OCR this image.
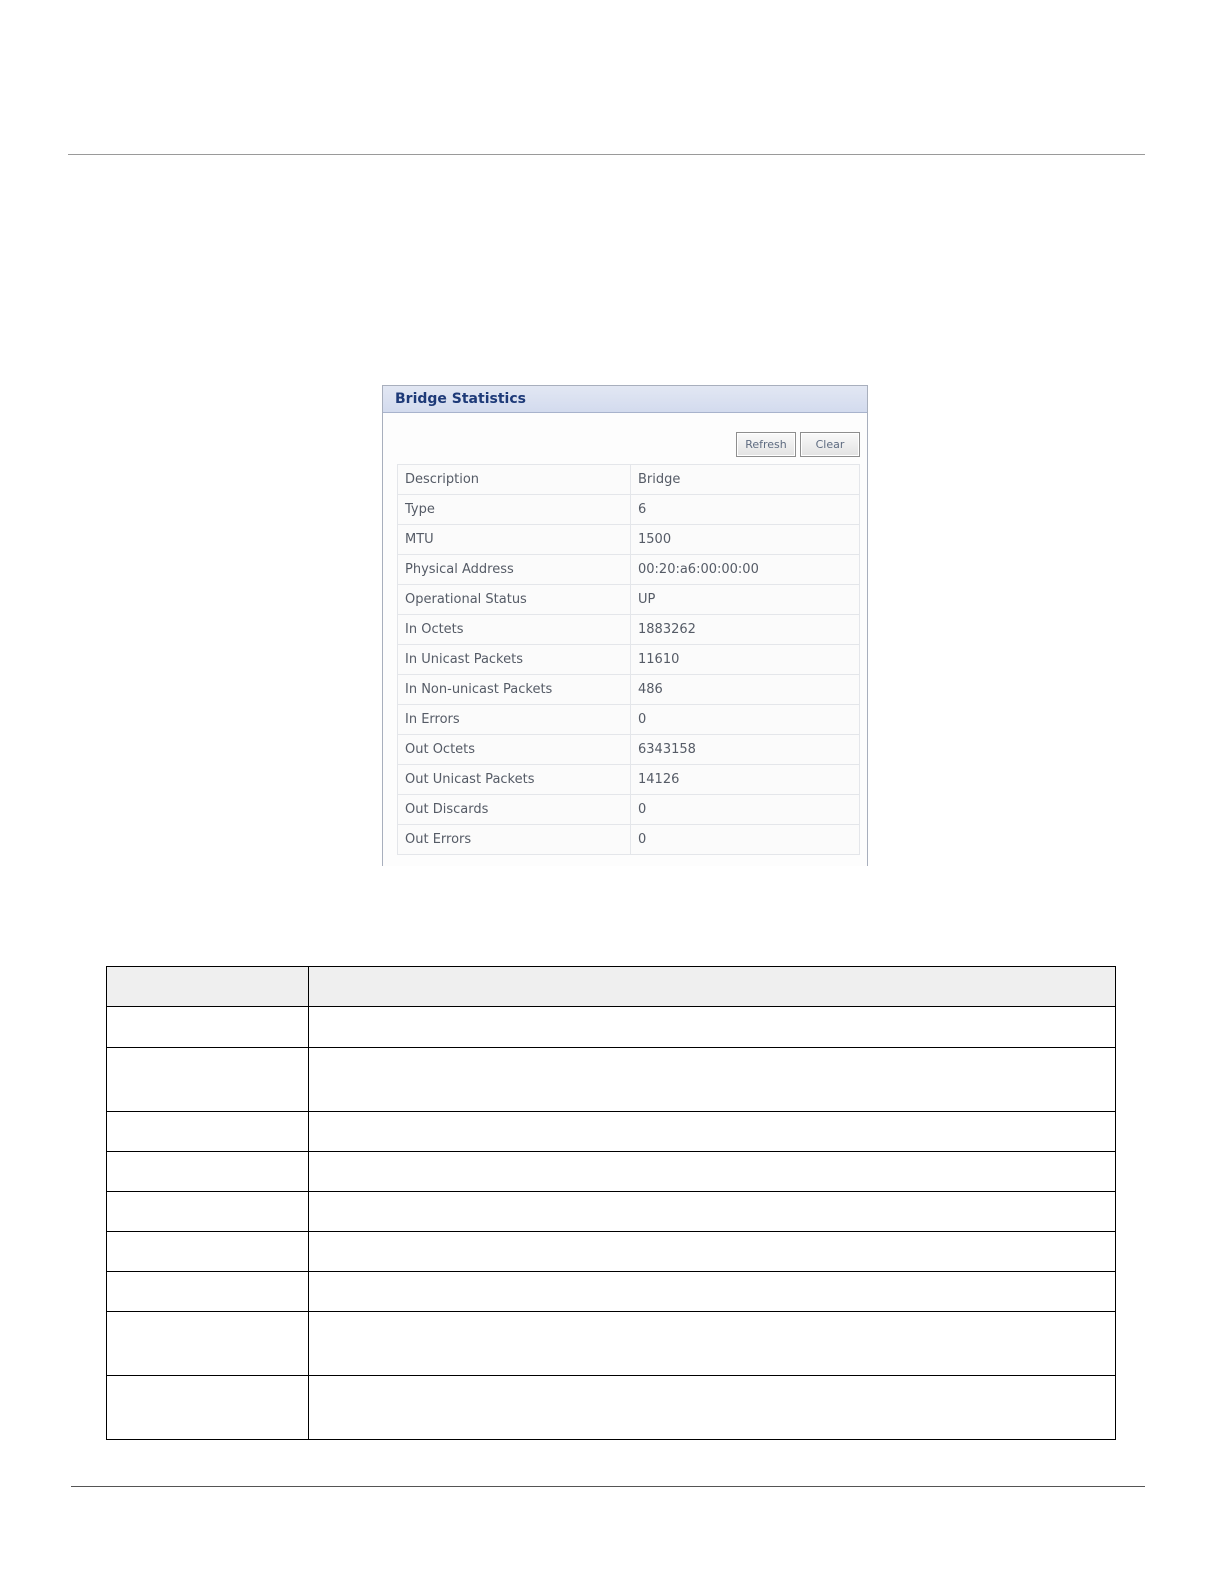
Bridge Statistics
Refresh	Clear
Description	Bridge
Type	6
MTU	1500
Physical Address	00:20:a6:00:00:00
Operational Status	UP
In Octets	1883262
In Unicast Packets	11610
In Non-unicast Packets	486
In Errors	0
Out Octets	6343158
Out Unicast Packets	14126
Out Discards	0
Out Errors	0
